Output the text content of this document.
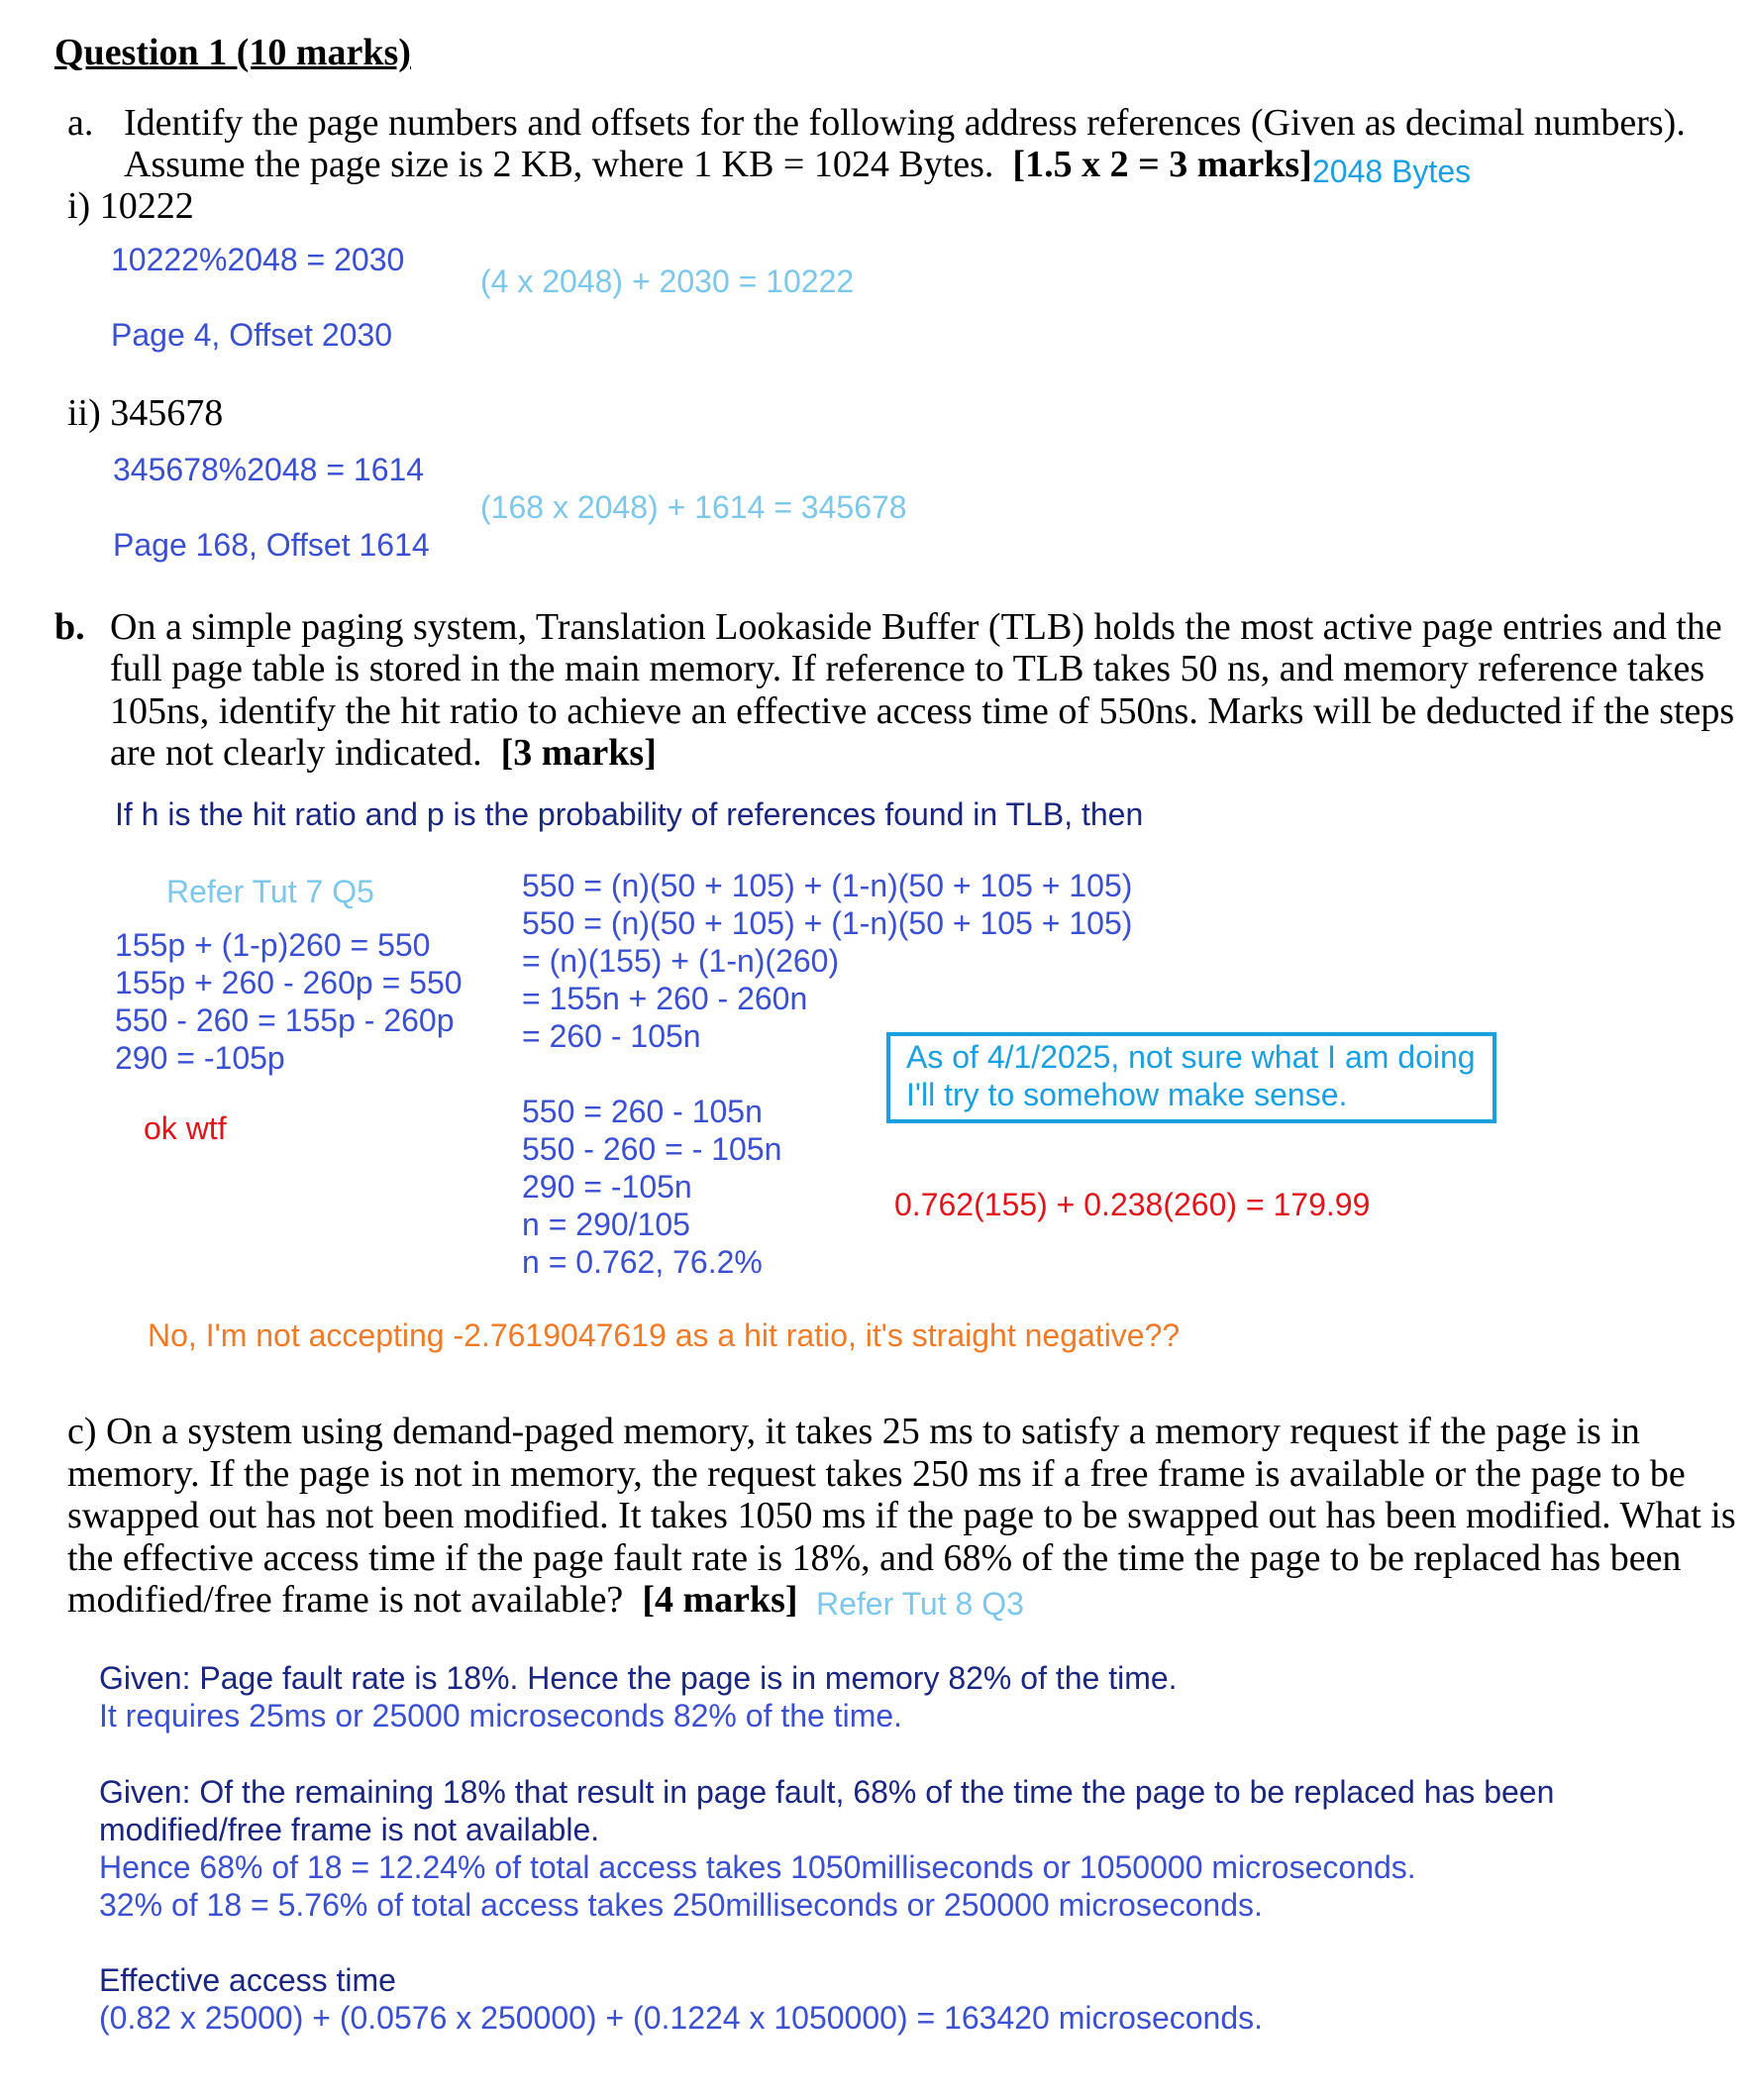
Question 1 (10 marks)
a. Identify the page numbers and offsets for the following address references (Given as decimal numbers).
Assume the page size is 2 KB, where 1 KB = 1024 Bytes. [1.5 x 2 = 3 marks] 2048 Bytes
i) 10222
10222%2048 = 2030
(4 x 2048) + 2030 = 10222
Page 4, Offset 2030
ii) 345678
345678%2048 = 1614
(168 x 2048) + 1614 = 345678
Page 168, Offset 1614
b. On a simple paging system, Translation Lookaside Buffer (TLB) holds the most active page entries and the
full page table is stored in the main memory. If reference to TLB takes 50 ns, and memory reference takes
105ns, identify the hit ratio to achieve an effective access time of 550ns. Marks will be deducted if the steps
are not clearly indicated. [3 marks]
If h is the hit ratio and p is the probability of references found in TLB, then
Refer Tut 7 Q5
155p + (1-p)260 = 550
155p + 260 - 260p = 550
550 - 260 = 155p - 260p
290 = -105p
ok wtf
550 = (n)(50 + 105) + (1-n)(50 + 105 + 105)
550 = (n)(50 + 105) + (1-n)(50 + 105 + 105)
= (n)(155) + (1-n)(260)
= 155n + 260 - 260n
= 260 - 105n
550 = 260 - 105n
550 - 260 = - 105n
290 = -105n
n = 290/105
n = 0.762, 76.2%
As of 4/1/2025, not sure what I am doing
I'll try to somehow make sense.
0.762(155) + 0.238(260) = 179.99
No, I'm not accepting -2.7619047619 as a hit ratio, it's straight negative??
c) On a system using demand-paged memory, it takes 25 ms to satisfy a memory request if the page is in
memory. If the page is not in memory, the request takes 250 ms if a free frame is available or the page to be
swapped out has not been modified. It takes 1050 ms if the page to be swapped out has been modified. What is
the effective access time if the page fault rate is 18%, and 68% of the time the page to be replaced has been
modified/free frame is not available? [4 marks] Refer Tut 8 Q3
Given: Page fault rate is 18%. Hence the page is in memory 82% of the time.
It requires 25ms or 25000 microseconds 82% of the time.
Given: Of the remaining 18% that result in page fault, 68% of the time the page to be replaced has been
modified/free frame is not available.
Hence 68% of 18 = 12.24% of total access takes 1050milliseconds or 1050000 microseconds.
32% of 18 = 5.76% of total access takes 250milliseconds or 250000 microseconds.
Effective access time
(0.82 x 25000) + (0.0576 x 250000) + (0.1224 x 1050000) = 163420 microseconds.
